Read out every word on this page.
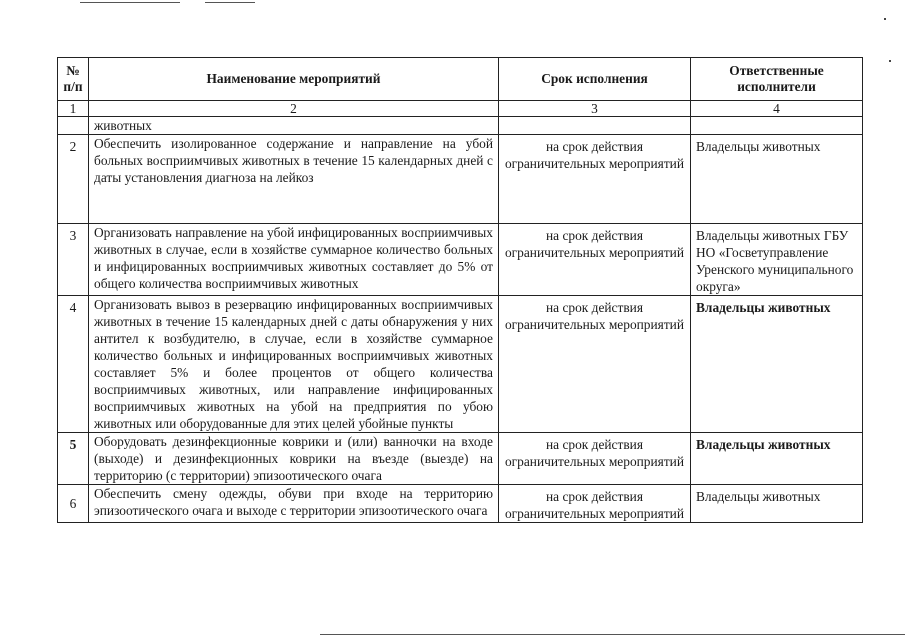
№ п/п	Наименование мероприятий	Срок исполнения	Ответственные исполнители
1	2	3	4
	животных		
2	Обеспечить изолированное содержание и направление на убой больных восприимчивых животных в течение 15 календарных дней с даты установления диагноза на лейкоз	на срок действия ограничительных мероприятий	Владельцы животных
3	Организовать направление на убой инфицированных восприимчивых животных в случае, если в хозяйстве суммарное количество больных и инфицированных восприимчивых животных составляет до 5% от общего количества восприимчивых животных	на срок действия ограничительных мероприятий	Владельцы животных ГБУ НО «Госветуправление Уренского муниципального округа»
4	Организовать вывоз в резервацию инфицированных восприимчивых животных в течение 15 календарных дней с даты обнаружения у них антител к возбудителю, в случае, если в хозяйстве суммарное количество больных и инфицированных восприимчивых животных составляет 5% и более процентов от общего количества восприимчивых животных, или направление инфицированных восприимчивых животных на убой на предприятия по убою животных или оборудованные для этих целей убойные пункты	на срок действия ограничительных мероприятий	Владельцы животных
5	Оборудовать дезинфекционные коврики и (или) ванночки на входе (выходе) и дезинфекционных коврики на въезде (выезде) на территорию (с территории) эпизоотического очага	на срок действия ограничительных мероприятий	Владельцы животных
6	Обеспечить смену одежды, обуви при входе на территорию эпизоотического очага и выходе с территории эпизоотического очага	на срок действия ограничительных мероприятий	Владельцы животных
